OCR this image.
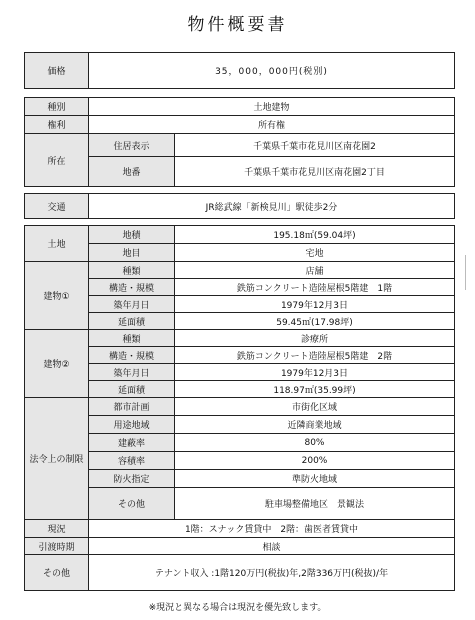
物件概要書
価格	35，000，000円(税別)	

種別	土地建物	
権利	所有権	
所在	住居表示	千葉県千葉市花見川区南花園2
	地番	千葉県千葉市花見川区南花園2丁目

交通	JR総武線「新検見川」駅徒歩2分	

土地	地積	195.18㎡(59.04坪)
	地目	宅地
建物①	種類	店舗
	構造・規模	鉄筋コンクリート造陸屋根5階建　1階
	築年月日	1979年12月3日
	延面積	59.45㎡(17.98坪)
建物②	種類	診療所
	構造・規模	鉄筋コンクリート造陸屋根5階建　2階
	築年月日	1979年12月3日
	延面積	118.97㎡(35.99坪)
法令上の制限	都市計画	市街化区域
	用途地域	近隣商業地域
	建蔽率	80%
	容積率	200%
	防火指定	準防火地域
	その他	駐車場整備地区　景観法
現況	1階：スナック賃貸中　2階：歯医者賃貸中	
引渡時期	相談	
その他	テナント収入 :1階120万円(税抜)年,2階336万円(税抜)/年	
※現況と異なる場合は現況を優先致します。
